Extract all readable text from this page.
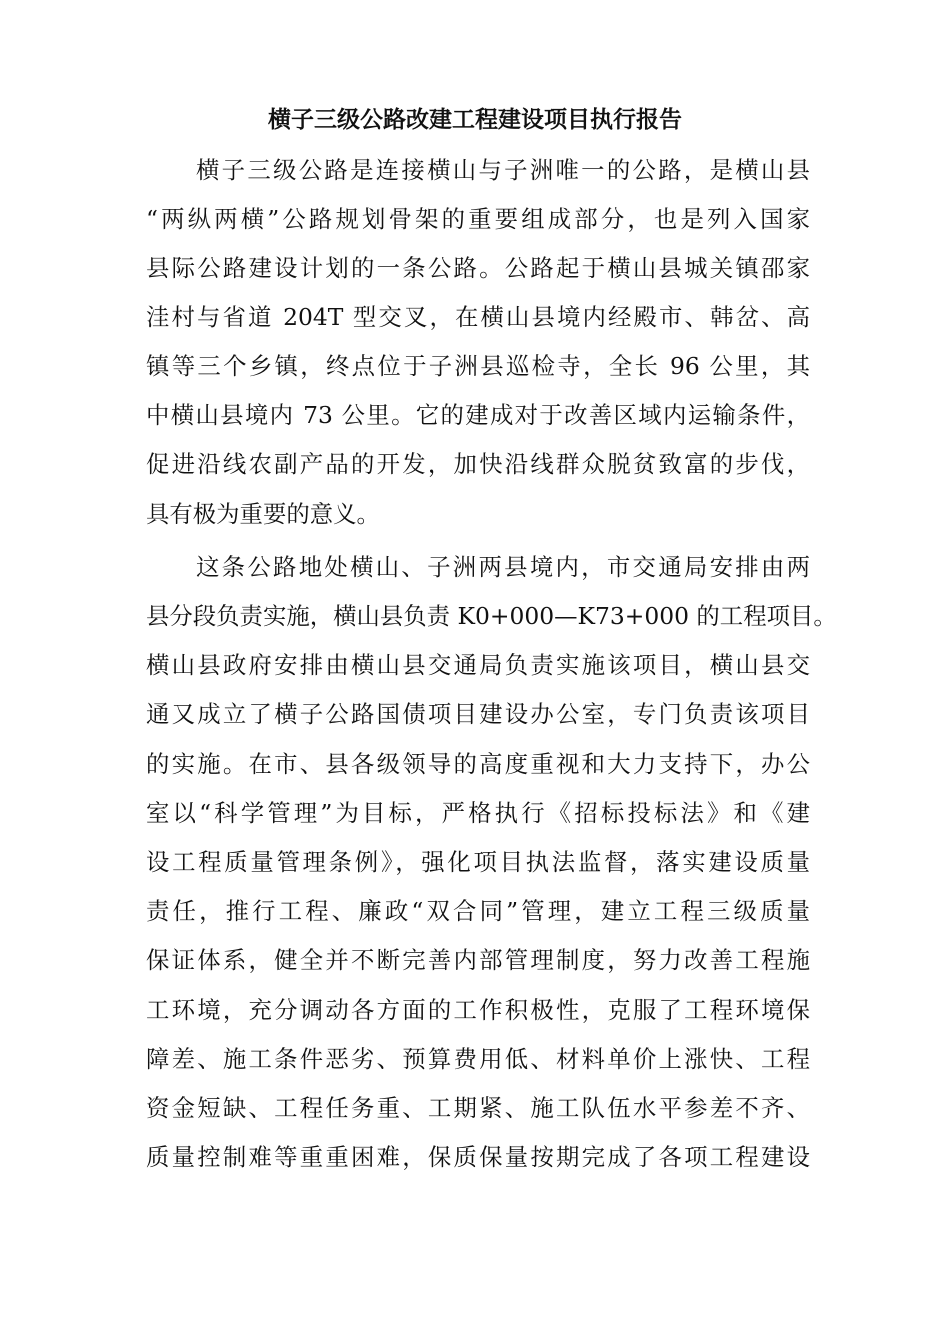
横子三级公路改建工程建设项目执行报告
横子三级公路是连接横山与子洲唯一的公路，是横山县
“两纵两横”公路规划骨架的重要组成部分，也是列入国家
县际公路建设计划的一条公路。公路起于横山县城关镇邵家
洼村与省道 204T 型交叉，在横山县境内经殿市、韩岔、高
镇等三个乡镇，终点位于子洲县巡检寺，全长 96 公里，其
中横山县境内 73 公里。它的建成对于改善区域内运输条件，
促进沿线农副产品的开发，加快沿线群众脱贫致富的步伐，
具有极为重要的意义。
这条公路地处横山、子洲两县境内，市交通局安排由两
县分段负责实施，横山县负责 K0+000—K73+000 的工程项目。
横山县政府安排由横山县交通局负责实施该项目，横山县交
通又成立了横子公路国债项目建设办公室，专门负责该项目
的实施。在市、县各级领导的高度重视和大力支持下，办公
室以“科学管理”为目标，严格执行《招标投标法》和《建
设工程质量管理条例》，强化项目执法监督，落实建设质量
责任，推行工程、廉政“双合同”管理，建立工程三级质量
保证体系，健全并不断完善内部管理制度，努力改善工程施
工环境，充分调动各方面的工作积极性，克服了工程环境保
障差、施工条件恶劣、预算费用低、材料单价上涨快、工程
资金短缺、工程任务重、工期紧、施工队伍水平参差不齐、
质量控制难等重重困难，保质保量按期完成了各项工程建设
